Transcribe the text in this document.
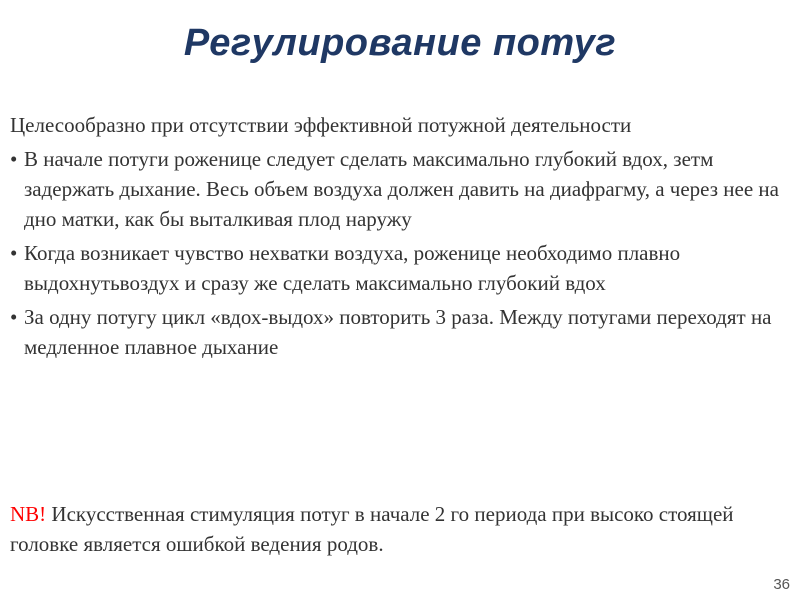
Регулирование потуг

Целесообразно при отсутствии эффективной потужной деятельности

• В начале потуги роженице следует сделать максимально глубокий вдох, зетм задержать дыхание. Весь объем воздуха должен давить на диафрагму, а через нее на дно матки, как бы выталкивая плод наружу
• Когда возникает чувство нехватки воздуха, роженице необходимо плавно выдохнутьвоздух и сразу же сделать максимально глубокий вдох
• За одну потугу цикл «вдох-выдох» повторить 3 раза. Между потугами переходят на медленное плавное дыхание
NB! Искусственная стимуляция потуг в начале 2 го периода при высоко стоящей головке является ошибкой ведения родов.
36
